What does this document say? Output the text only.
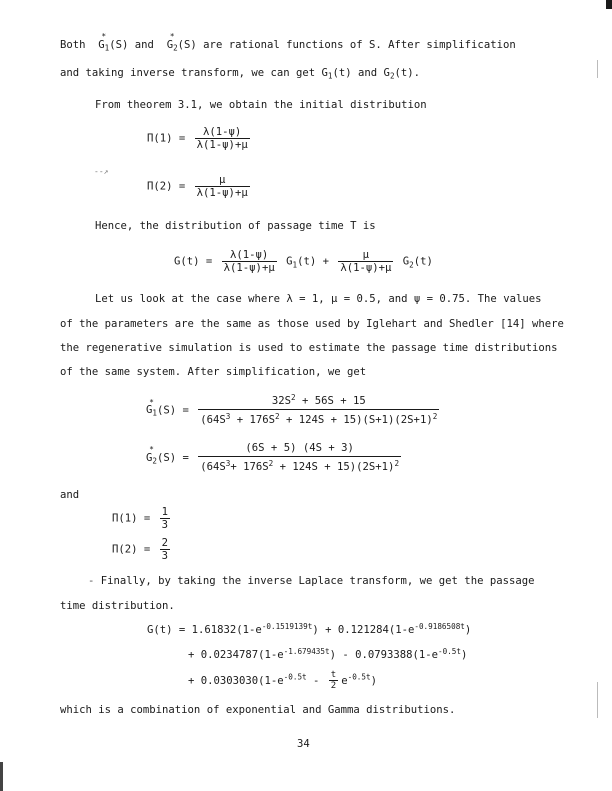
Both G
*
$_1$(S) and G
*
$_2$(S) are rational functions of S. After simplification
and taking inverse transform, we can get $G_1(t)$ and $G_2(t)$.
From theorem 3.1, we obtain the initial distribution
$\Pi(1) = \frac{\lambda(1-\psi)}{\lambda(1-\psi)+\mu}$
--↗
$\Pi(2) = \frac{\mu}{\lambda(1-\psi)+\mu}$
Hence, the distribution of passage time T is
$G(t) = \frac{\lambda(1-\psi)}{\lambda(1-\psi)+\mu} G_1(t) + \frac{\mu}{\lambda(1-\psi)+\mu} G_2(t)$
Let us look at the case where λ = 1, μ = 0.5, and ψ = 0.75. The values
of the parameters are the same as those used by Iglehart and Shedler [14] where
the regenerative simulation is used to estimate the passage time distributions
of the same system. After simplification, we get
G
*
$_1(S) = \frac{32S^2 + 56S + 15}{(64S^3 + 176S^2 + 124S + 15)(S+1)(2S+1)^2}$
G
*
$_2(S) = \frac{(6S + 5) (4S + 3)}{(64S^3+ 176S^2 + 124S + 15)(2S+1)^2}$
and
$\Pi(1) = \frac{1}{3}$
$\Pi(2) = \frac{2}{3}$
- Finally, by taking the inverse Laplace transform, we get the passage
time distribution.
$G(t) = 1.61832(1-e^{-0.1519139t}) + 0.121284(1-e^{-0.9186508t})$
+ $0.0234787(1-e^{-1.679435t}) - 0.0793388(1-e^{-0.5t})$
+ $0.0303030(1-e^{-0.5t} - \frac{t}{2} e^{-0.5t})$
which is a combination of exponential and Gamma distributions.
34
